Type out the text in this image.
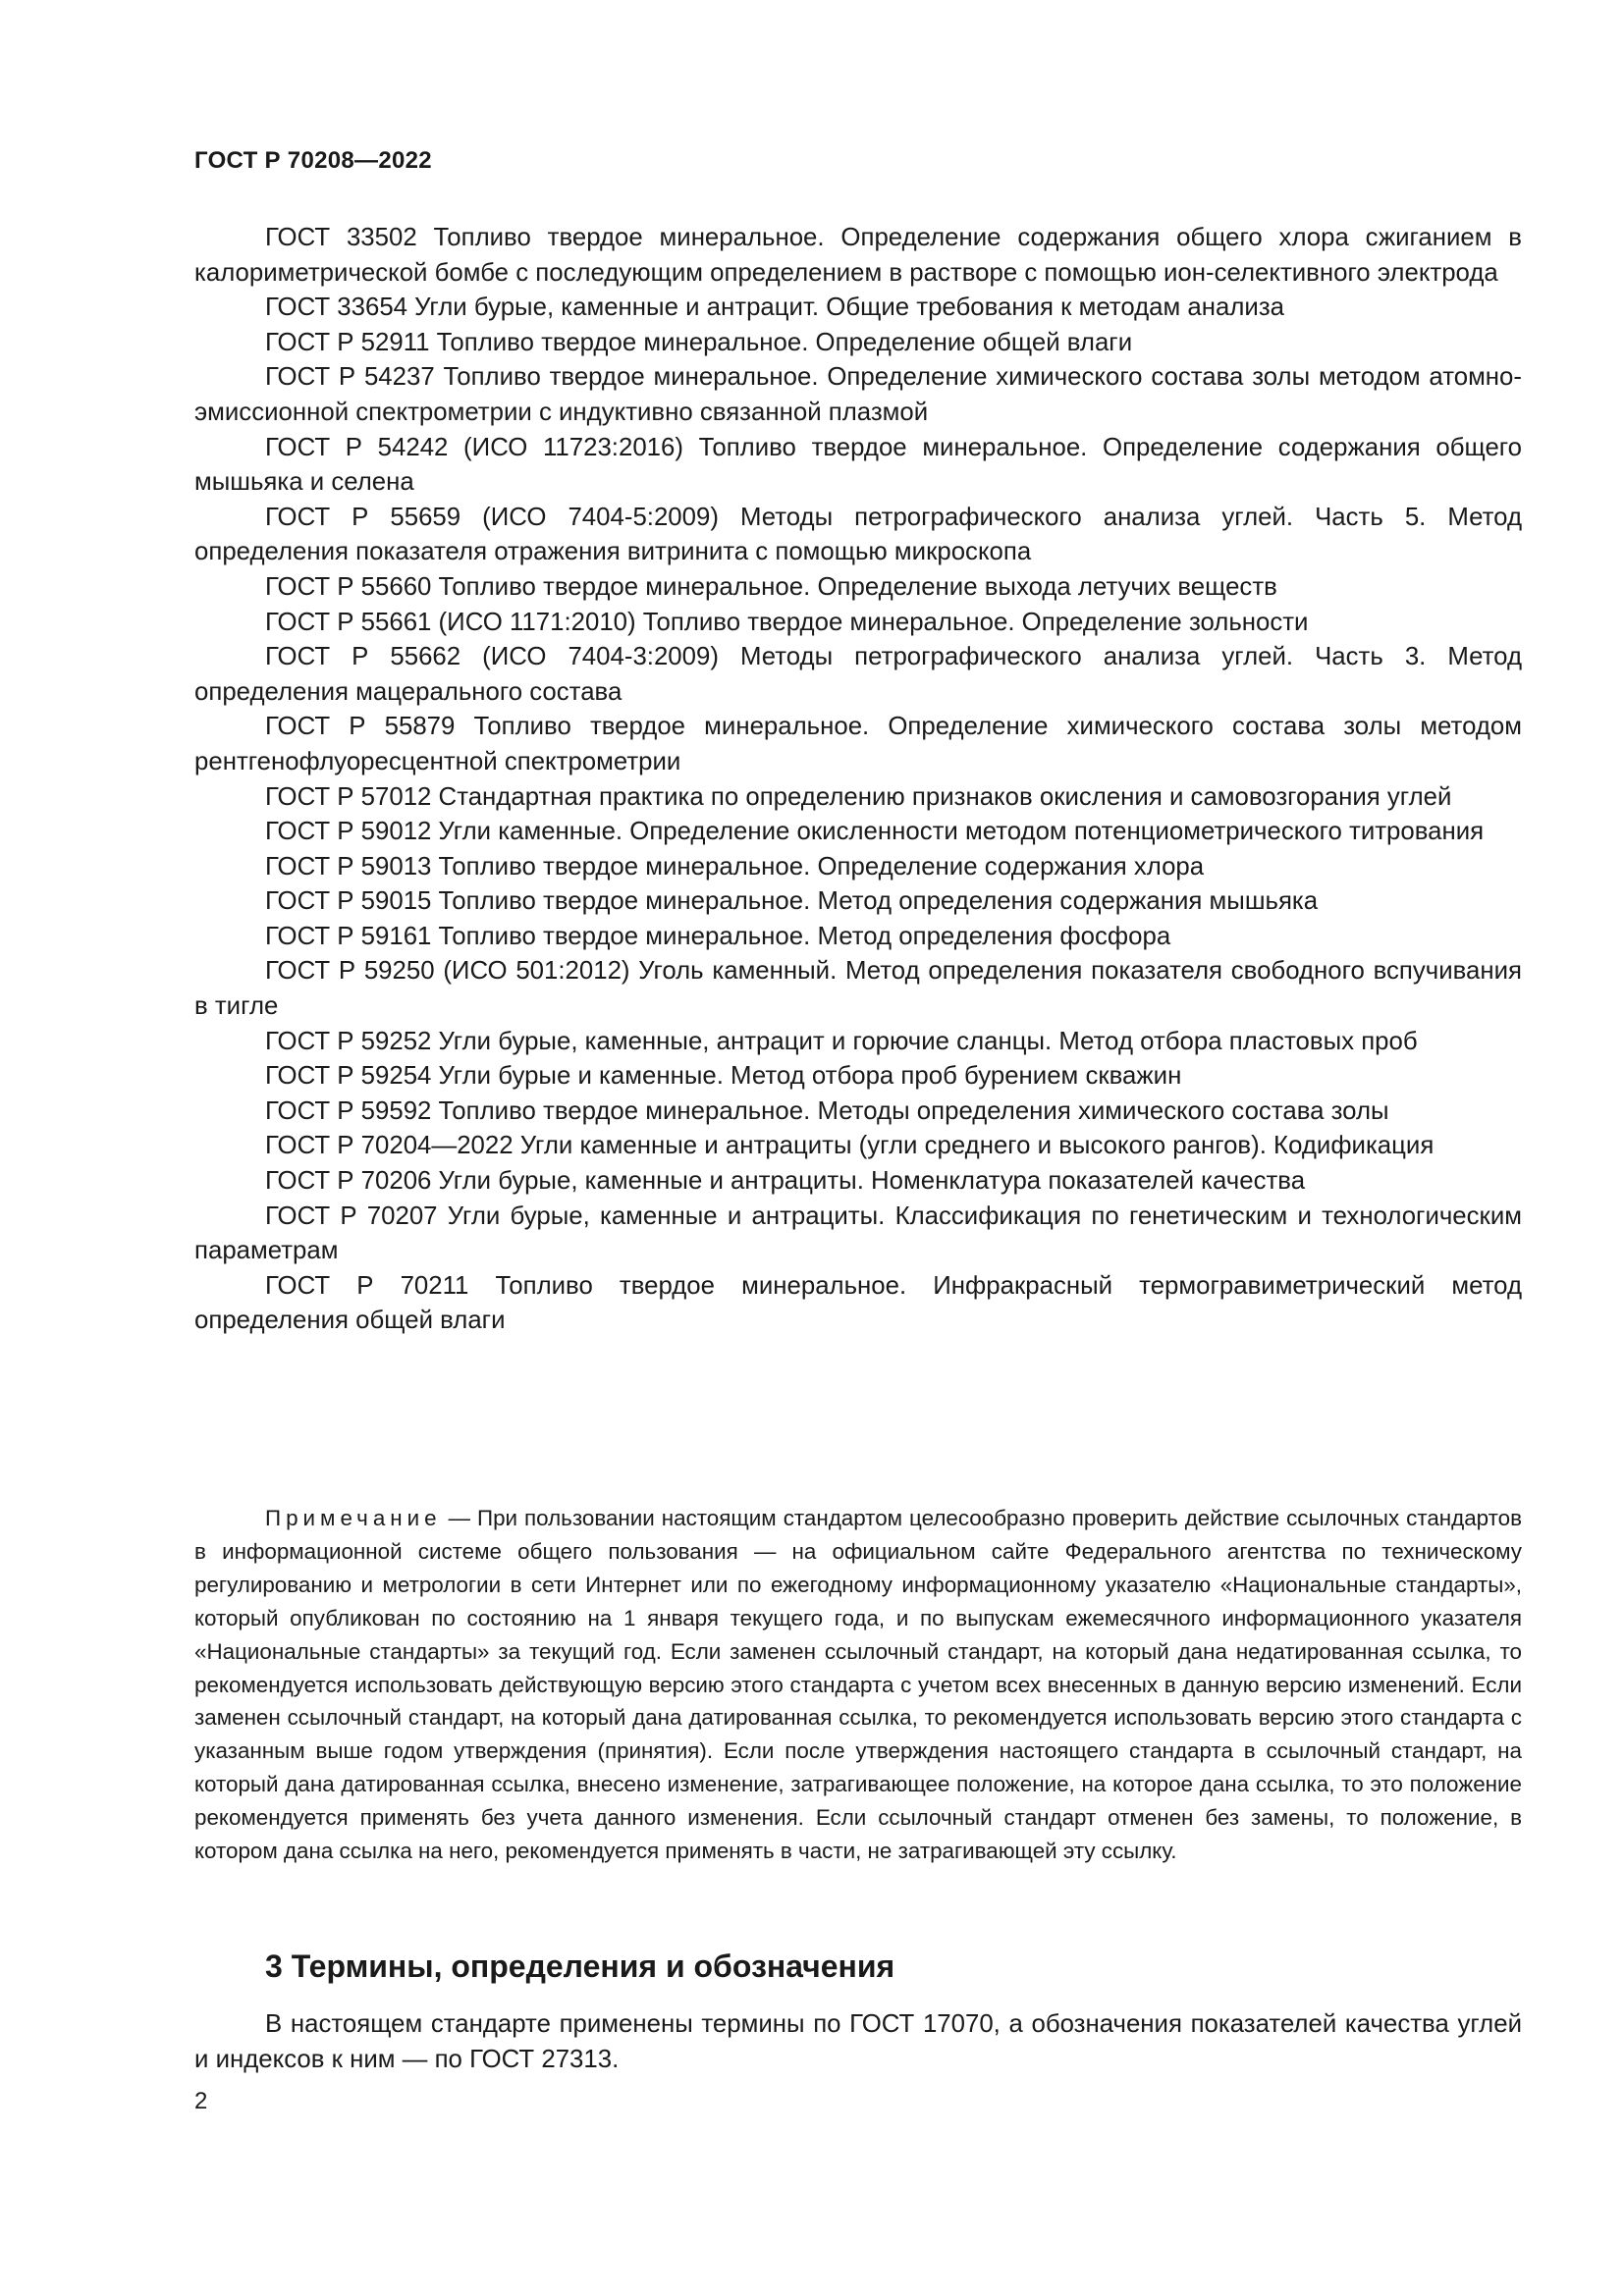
ГОСТ Р 70208—2022

ГОСТ 33502 Топливо твердое минеральное. Определение содержания общего хлора сжиганием в калориметрической бомбе с последующим определением в растворе с помощью ион-селективного электрода

ГОСТ 33654 Угли бурые, каменные и антрацит. Общие требования к методам анализа

ГОСТ Р 52911 Топливо твердое минеральное. Определение общей влаги

ГОСТ Р 54237 Топливо твердое минеральное. Определение химического состава золы методом атомно-эмиссионной спектрометрии с индуктивно связанной плазмой

ГОСТ Р 54242 (ИСО 11723:2016) Топливо твердое минеральное. Определение содержания общего мышьяка и селена

ГОСТ Р 55659 (ИСО 7404-5:2009) Методы петрографического анализа углей. Часть 5. Метод определения показателя отражения витринита с помощью микроскопа

ГОСТ Р 55660 Топливо твердое минеральное. Определение выхода летучих веществ

ГОСТ Р 55661 (ИСО 1171:2010) Топливо твердое минеральное. Определение зольности

ГОСТ Р 55662 (ИСО 7404-3:2009) Методы петрографического анализа углей. Часть 3. Метод определения мацерального состава

ГОСТ Р 55879 Топливо твердое минеральное. Определение химического состава золы методом рентгенофлуоресцентной спектрометрии

ГОСТ Р 57012 Стандартная практика по определению признаков окисления и самовозгорания углей

ГОСТ Р 59012 Угли каменные. Определение окисленности методом потенциометрического титрования

ГОСТ Р 59013 Топливо твердое минеральное. Определение содержания хлора

ГОСТ Р 59015 Топливо твердое минеральное. Метод определения содержания мышьяка

ГОСТ Р 59161 Топливо твердое минеральное. Метод определения фосфора

ГОСТ Р 59250 (ИСО 501:2012) Уголь каменный. Метод определения показателя свободного вспучивания в тигле

ГОСТ Р 59252 Угли бурые, каменные, антрацит и горючие сланцы. Метод отбора пластовых проб

ГОСТ Р 59254 Угли бурые и каменные. Метод отбора проб бурением скважин

ГОСТ Р 59592 Топливо твердое минеральное. Методы определения химического состава золы

ГОСТ Р 70204—2022 Угли каменные и антрациты (угли среднего и высокого рангов). Кодификация

ГОСТ Р 70206 Угли бурые, каменные и антрациты. Номенклатура показателей качества

ГОСТ Р 70207 Угли бурые, каменные и антрациты. Классификация по генетическим и технологическим параметрам

ГОСТ Р 70211 Топливо твердое минеральное. Инфракрасный термогравиметрический метод определения общей влаги

Примечание — При пользовании настоящим стандартом целесообразно проверить действие ссылочных стандартов в информационной системе общего пользования — на официальном сайте Федерального агентства по техническому регулированию и метрологии в сети Интернет или по ежегодному информационному указателю «Национальные стандарты», который опубликован по состоянию на 1 января текущего года, и по выпускам ежемесячного информационного указателя «Национальные стандарты» за текущий год. Если заменен ссылочный стандарт, на который дана недатированная ссылка, то рекомендуется использовать действующую версию этого стандарта с учетом всех внесенных в данную версию изменений. Если заменен ссылочный стандарт, на который дана датированная ссылка, то рекомендуется использовать версию этого стандарта с указанным выше годом утверждения (принятия). Если после утверждения настоящего стандарта в ссылочный стандарт, на который дана датированная ссылка, внесено изменение, затрагивающее положение, на которое дана ссылка, то это положение рекомендуется применять без учета данного изменения. Если ссылочный стандарт отменен без замены, то положение, в котором дана ссылка на него, рекомендуется применять в части, не затрагивающей эту ссылку.

3 Термины, определения и обозначения

В настоящем стандарте применены термины по ГОСТ 17070, а обозначения показателей качества углей и индексов к ним — по ГОСТ 27313.

2
